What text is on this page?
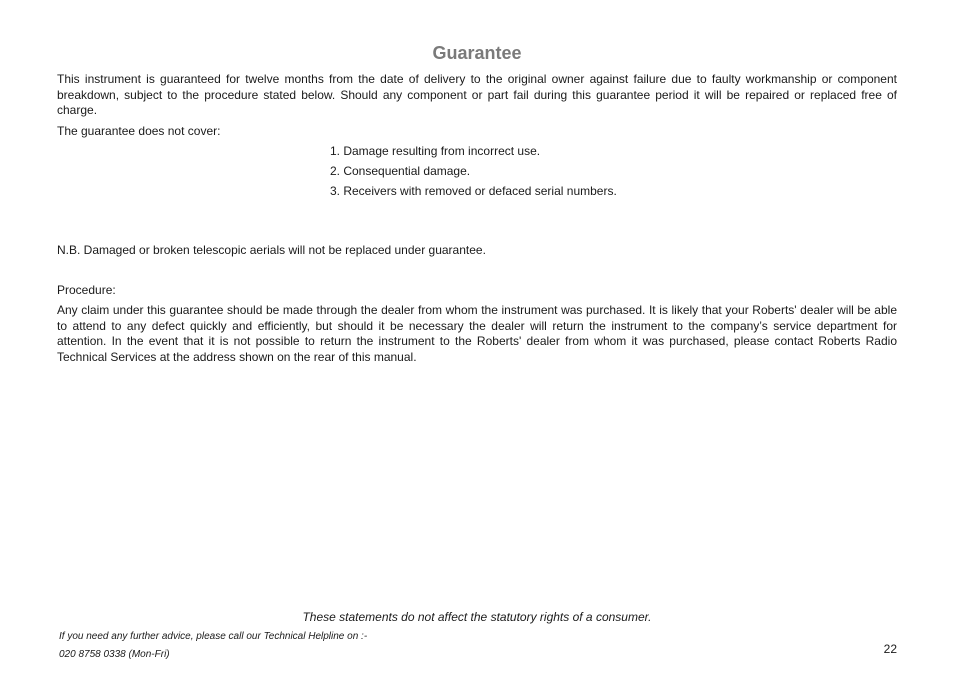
Guarantee

This instrument is guaranteed for twelve months from the date of delivery to the original owner against failure due to faulty workmanship or component breakdown, subject to the procedure stated below. Should any component or part fail during this guarantee period it will be repaired or replaced free of charge.

The guarantee does not cover:

1. Damage resulting from incorrect use.
2. Consequential damage.
3. Receivers with removed or defaced serial numbers.

N.B. Damaged or broken telescopic aerials will not be replaced under guarantee.

Procedure:

Any claim under this guarantee should be made through the dealer from whom the instrument was purchased. It is likely that your Roberts' dealer will be able to attend to any defect quickly and efficiently, but should it be necessary the dealer will return the instrument to the company’s service department for attention. In the event that it is not possible to return the instrument to the Roberts' dealer from whom it was purchased, please contact Roberts Radio Technical Services at the address shown on the rear of this manual.

These statements do not affect the statutory rights of a consumer.

If you need any further advice, please call our Technical Helpline on :-

020 8758 0338 (Mon-Fri)	22
